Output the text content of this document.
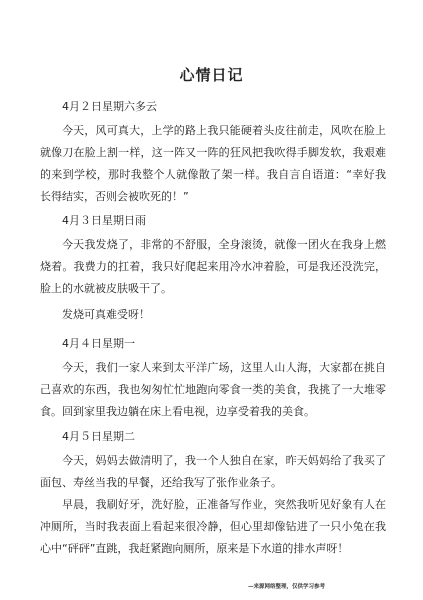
心情日记
4月２日星期六多云
今天，风可真大，上学的路上我只能硬着头皮往前走，风吹在脸上就像刀在脸上割一样，这一阵又一阵的狂风把我吹得手脚发软，我艰难的来到学校，那时我整个人就像散了架一样。我自言自语道：“幸好我长得结实，否则会被吹死的！”
4月３日星期日雨
今天我发烧了，非常的不舒服，全身滚烫，就像一团火在我身上燃烧着。我费力的扛着，我只好爬起来用冷水冲着脸，可是我还没洗完，脸上的水就被皮肤吸干了。
发烧可真难受呀！
4月４日星期一
今天，我们一家人来到太平洋广场，这里人山人海，大家都在挑自己喜欢的东西，我也匆匆忙忙地跑向零食一类的美食，我挑了一大堆零食。回到家里我边躺在床上看电视，边享受着我的美食。
4月５日星期二
今天，妈妈去做清明了，我一个人独自在家，昨天妈妈给了我买了面包、寿丝当我的早餐，还给我写了张作业条子。
早晨，我刷好牙，洗好脸，正准备写作业，突然我听见好象有人在冲厕所，当时我表面上看起来很冷静，但心里却像钻进了一只小兔在我心中“砰砰”直跳，我赶紧跑向厕所，原来是下水道的排水声呀！
—来源网络整理，仅供学习参考
